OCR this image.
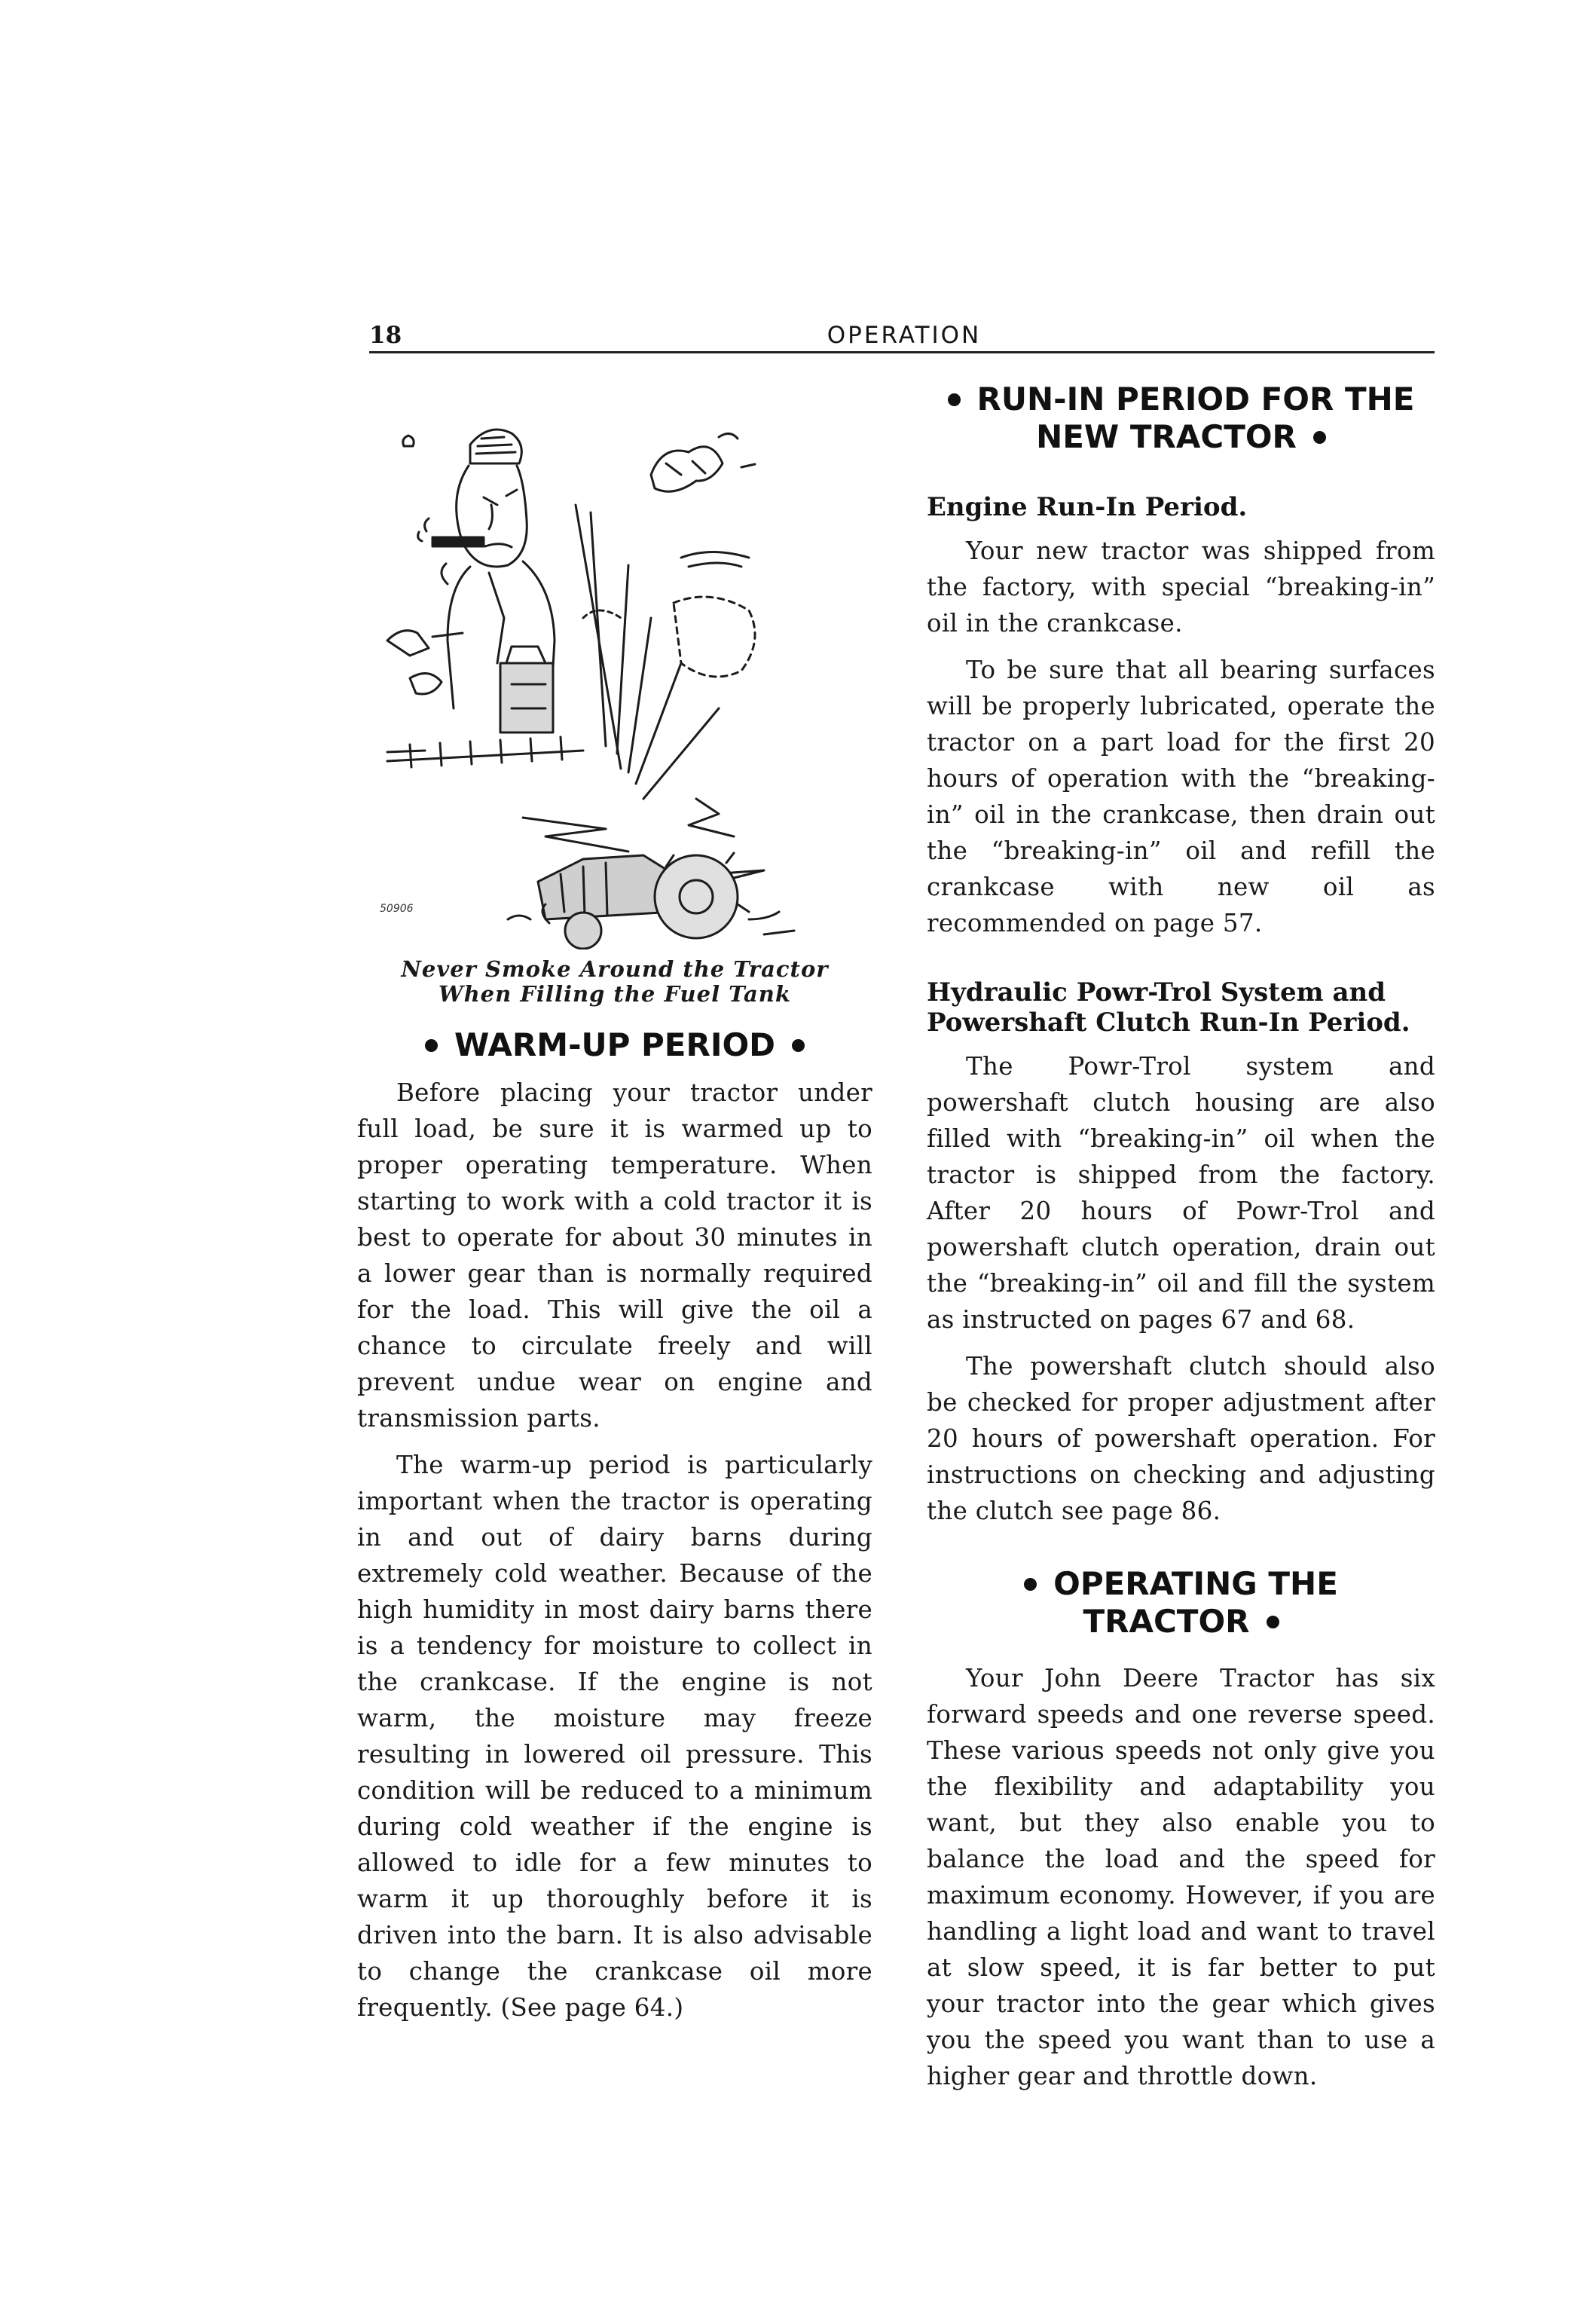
18	OPERATION
50906
Never Smoke Around the Tractor
When Filling the Fuel Tank
WARM-UP PERIOD

Before placing your tractor under full load, be sure it is warmed up to proper operating temperature. When starting to work with a cold tractor it is best to operate for about 30 minutes in a lower gear than is normally required for the load. This will give the oil a chance to circulate freely and will prevent undue wear on engine and transmission parts.

The warm-up period is particularly important when the tractor is operating in and out of dairy barns during extremely cold weather. Because of the high humidity in most dairy barns there is a tendency for moisture to collect in the crankcase. If the engine is not warm, the moisture may freeze resulting in lowered oil pressure. This condition will be reduced to a minimum during cold weather if the engine is allowed to idle for a few minutes to warm it up thoroughly before it is driven into the barn. It is also advisable to change the crankcase oil more frequently. (See page 64.)

RUN-IN PERIOD FOR THE
NEW TRACTOR
Engine Run-In Period.

Your new tractor was shipped from the factory, with special “breaking-in” oil in the crankcase.

To be sure that all bearing surfaces will be properly lubricated, operate the tractor on a part load for the first 20 hours of operation with the “breaking-in” oil in the crankcase, then drain out the “breaking-in” oil and refill the crankcase with new oil as recommended on page 57.

Hydraulic Powr-Trol System and Powershaft Clutch Run-In Period.

The Powr-Trol system and powershaft clutch housing are also filled with “breaking-in” oil when the tractor is shipped from the factory. After 20 hours of Powr-Trol and powershaft clutch operation, drain out the “breaking-in” oil and fill the system as instructed on pages 67 and 68.

The powershaft clutch should also be checked for proper adjustment after 20 hours of powershaft operation. For instructions on checking and adjusting the clutch see page 86.

OPERATING THE
TRACTOR

Your John Deere Tractor has six forward speeds and one reverse speed. These various speeds not only give you the flexibility and adaptability you want, but they also enable you to balance the load and the speed for maximum economy. However, if you are handling a light load and want to travel at slow speed, it is far better to put your tractor into the gear which gives you the speed you want than to use a higher gear and throttle down.
